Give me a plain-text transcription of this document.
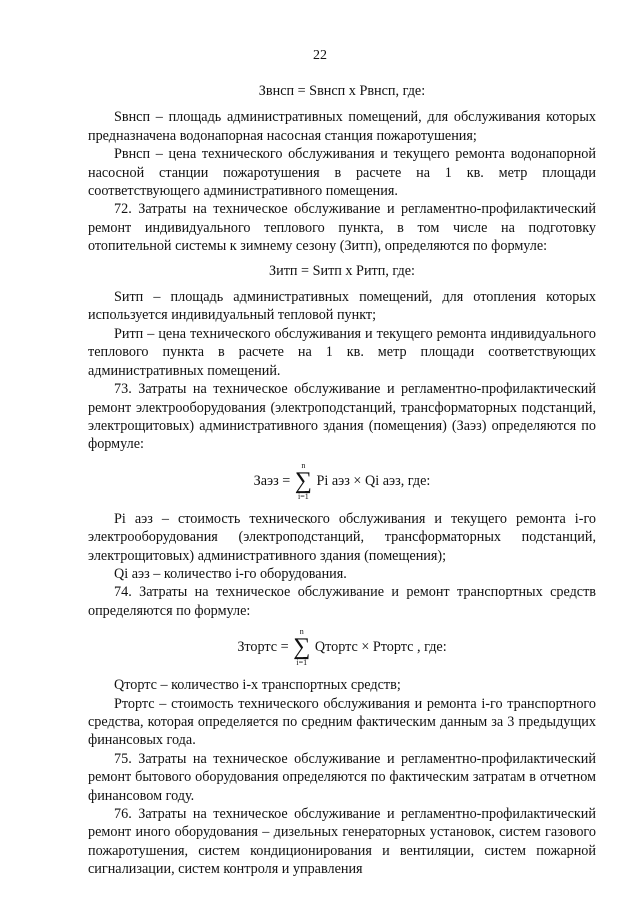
22
Звнсп = Sвнсп x Pвнсп, где:

Sвнсп – площадь административных помещений, для обслуживания которых предназначена водонапорная насосная станция пожаротушения;

Pвнсп – цена технического обслуживания и текущего ремонта водонапорной насосной станции пожаротушения в расчете на 1 кв. метр площади соответствующего административного помещения.

72. Затраты на техническое обслуживание и регламентно-профилактический ремонт индивидуального теплового пункта, в том числе на подготовку отопительной системы к зимнему сезону (Зитп), определяются по формуле:

Зитп = Sитп x Pитп, где:

Sитп – площадь административных помещений, для отопления которых используется индивидуальный тепловой пункт;

Pитп – цена технического обслуживания и текущего ремонта индивидуального теплового пункта в расчете на 1 кв. метр площади соответствующих административных помещений.

73. Затраты на техническое обслуживание и регламентно-профилактический ремонт электрооборудования (электроподстанций, трансформаторных подстанций, электрощитовых) административного здания (помещения) (Заэз) определяются по формуле:

Заэз =
n
∑
i=1
Pi аэз × Qi аэз, где:

Pi аэз – стоимость технического обслуживания и текущего ремонта i-го электрооборудования (электроподстанций, трансформаторных подстанций, электрощитовых) административного здания (помещения);

Qi аэз – количество i-го оборудования.

74. Затраты на техническое обслуживание и ремонт транспортных средств определяются по формуле:

Зтортс =
n
∑
i=1
Qтортс × Pтортс , где:

Qтортс – количество i-х транспортных средств;

Pтортс – стоимость технического обслуживания и ремонта i-го транспортного средства, которая определяется по средним фактическим данным за 3 предыдущих финансовых года.

75. Затраты на техническое обслуживание и регламентно-профилактический ремонт бытового оборудования определяются по фактическим затратам в отчетном финансовом году.

76. Затраты на техническое обслуживание и регламентно-профилактический ремонт иного оборудования – дизельных генераторных установок, систем газового пожаротушения, систем кондиционирования и вентиляции, систем пожарной сигнализации, систем контроля и управления
